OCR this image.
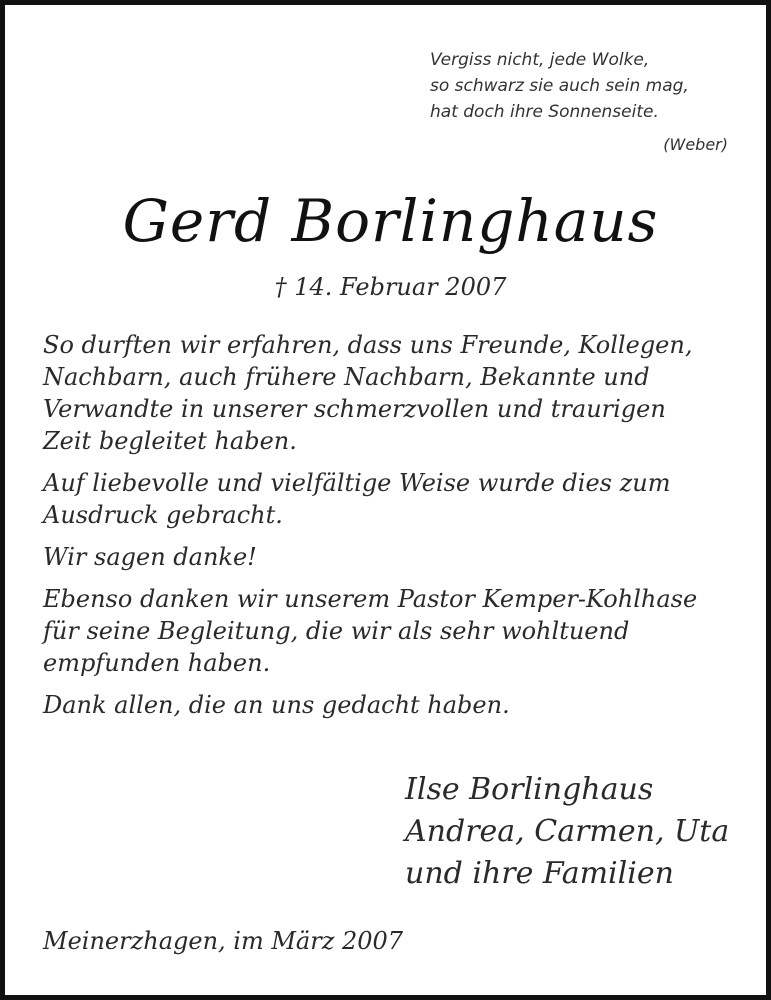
Vergiss nicht, jede Wolke,
so schwarz sie auch sein mag,
hat doch ihre Sonnenseite.
(Weber)
Gerd Borlinghaus
† 14. Februar 2007

So durften wir erfahren, dass uns Freunde, Kollegen,
Nachbarn, auch frühere Nachbarn, Bekannte und
Verwandte in unserer schmerzvollen und traurigen
Zeit begleitet haben.

Auf liebevolle und vielfältige Weise wurde dies zum
Ausdruck gebracht.

Wir sagen danke!

Ebenso danken wir unserem Pastor Kemper-Kohlhase
für seine Begleitung, die wir als sehr wohltuend
empfunden haben.

Dank allen, die an uns gedacht haben.

Ilse Borlinghaus
Andrea, Carmen, Uta
und ihre Familien
Meinerzhagen, im März 2007
